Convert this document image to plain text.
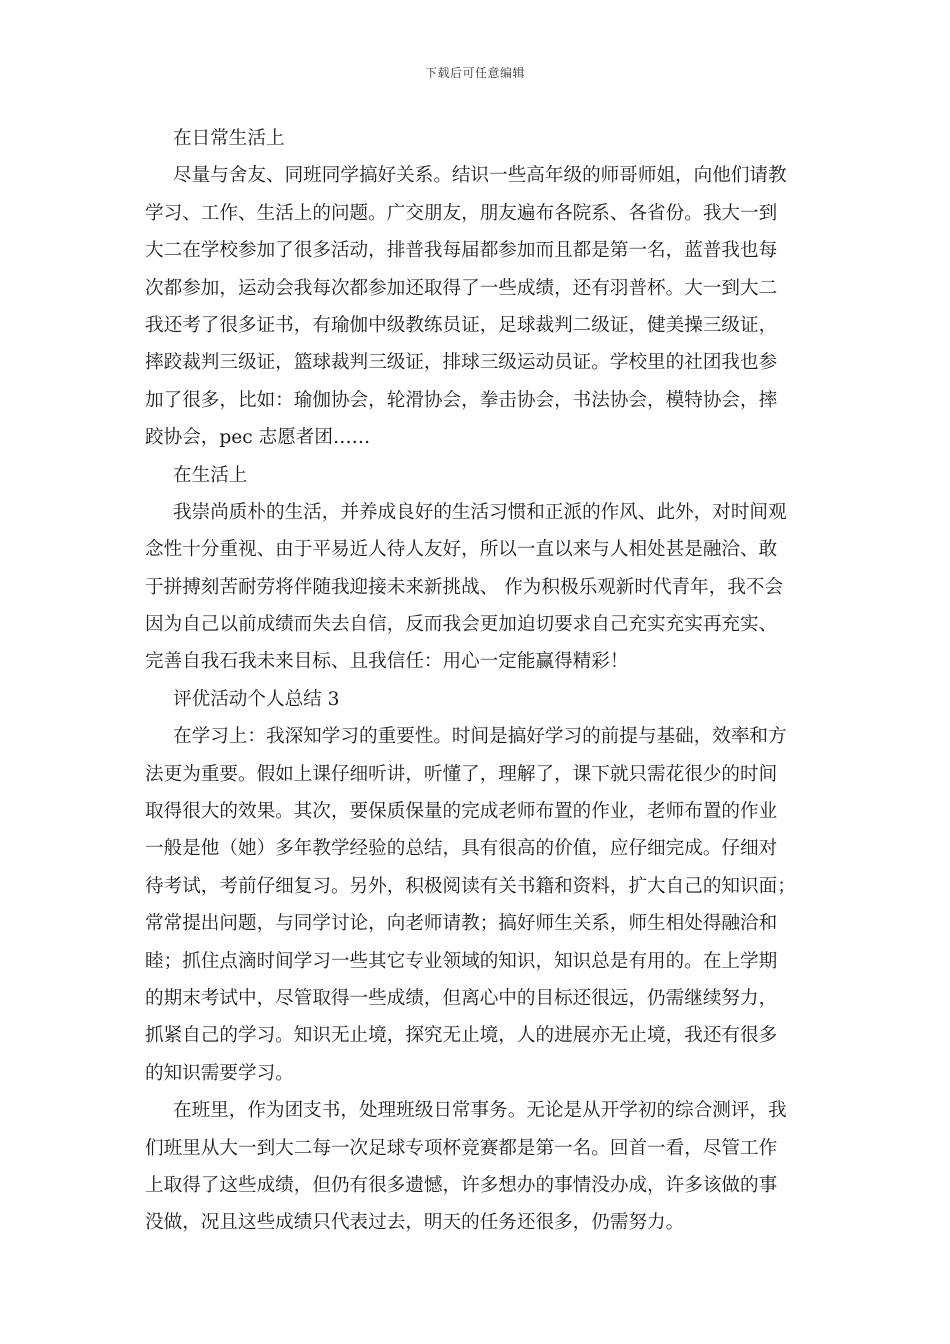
下载后可任意编辑
在日常生活上
尽量与舍友、同班同学搞好关系。结识一些高年级的师哥师姐，向他们请教
学习、工作、生活上的问题。广交朋友，朋友遍布各院系、各省份。我大一到
大二在学校参加了很多活动，排普我每届都参加而且都是第一名，蓝普我也每
次都参加，运动会我每次都参加还取得了一些成绩，还有羽普杯。大一到大二
我还考了很多证书，有瑜伽中级教练员证，足球裁判二级证，健美操三级证，
摔跤裁判三级证，篮球裁判三级证，排球三级运动员证。学校里的社团我也参
加了很多，比如：瑜伽协会，轮滑协会，拳击协会，书法协会，模特协会，摔
跤协会，pec 志愿者团……
在生活上
我崇尚质朴的生活，并养成良好的生活习惯和正派的作风、此外，对时间观
念性十分重视、由于平易近人待人友好，所以一直以来与人相处甚是融洽、敢
于拼搏刻苦耐劳将伴随我迎接未来新挑战、 作为积极乐观新时代青年，我不会
因为自己以前成绩而失去自信，反而我会更加迫切要求自己充实充实再充实、
完善自我石我未来目标、且我信任：用心一定能赢得精彩！
评优活动个人总结 3
在学习上：我深知学习的重要性。时间是搞好学习的前提与基础，效率和方
法更为重要。假如上课仔细听讲，听懂了，理解了，课下就只需花很少的时间
取得很大的效果。其次，要保质保量的完成老师布置的作业，老师布置的作业
一般是他（她）多年教学经验的总结，具有很高的价值，应仔细完成。仔细对
待考试，考前仔细复习。另外，积极阅读有关书籍和资料，扩大自己的知识面；
常常提出问题，与同学讨论，向老师请教；搞好师生关系，师生相处得融洽和
睦；抓住点滴时间学习一些其它专业领域的知识，知识总是有用的。在上学期
的期末考试中，尽管取得一些成绩，但离心中的目标还很远，仍需继续努力，
抓紧自己的学习。知识无止境，探究无止境，人的进展亦无止境，我还有很多
的知识需要学习。
在班里，作为团支书，处理班级日常事务。无论是从开学初的综合测评，我
们班里从大一到大二每一次足球专项杯竞赛都是第一名。回首一看，尽管工作
上取得了这些成绩，但仍有很多遗憾，许多想办的事情没办成，许多该做的事
没做，况且这些成绩只代表过去，明天的任务还很多，仍需努力。
